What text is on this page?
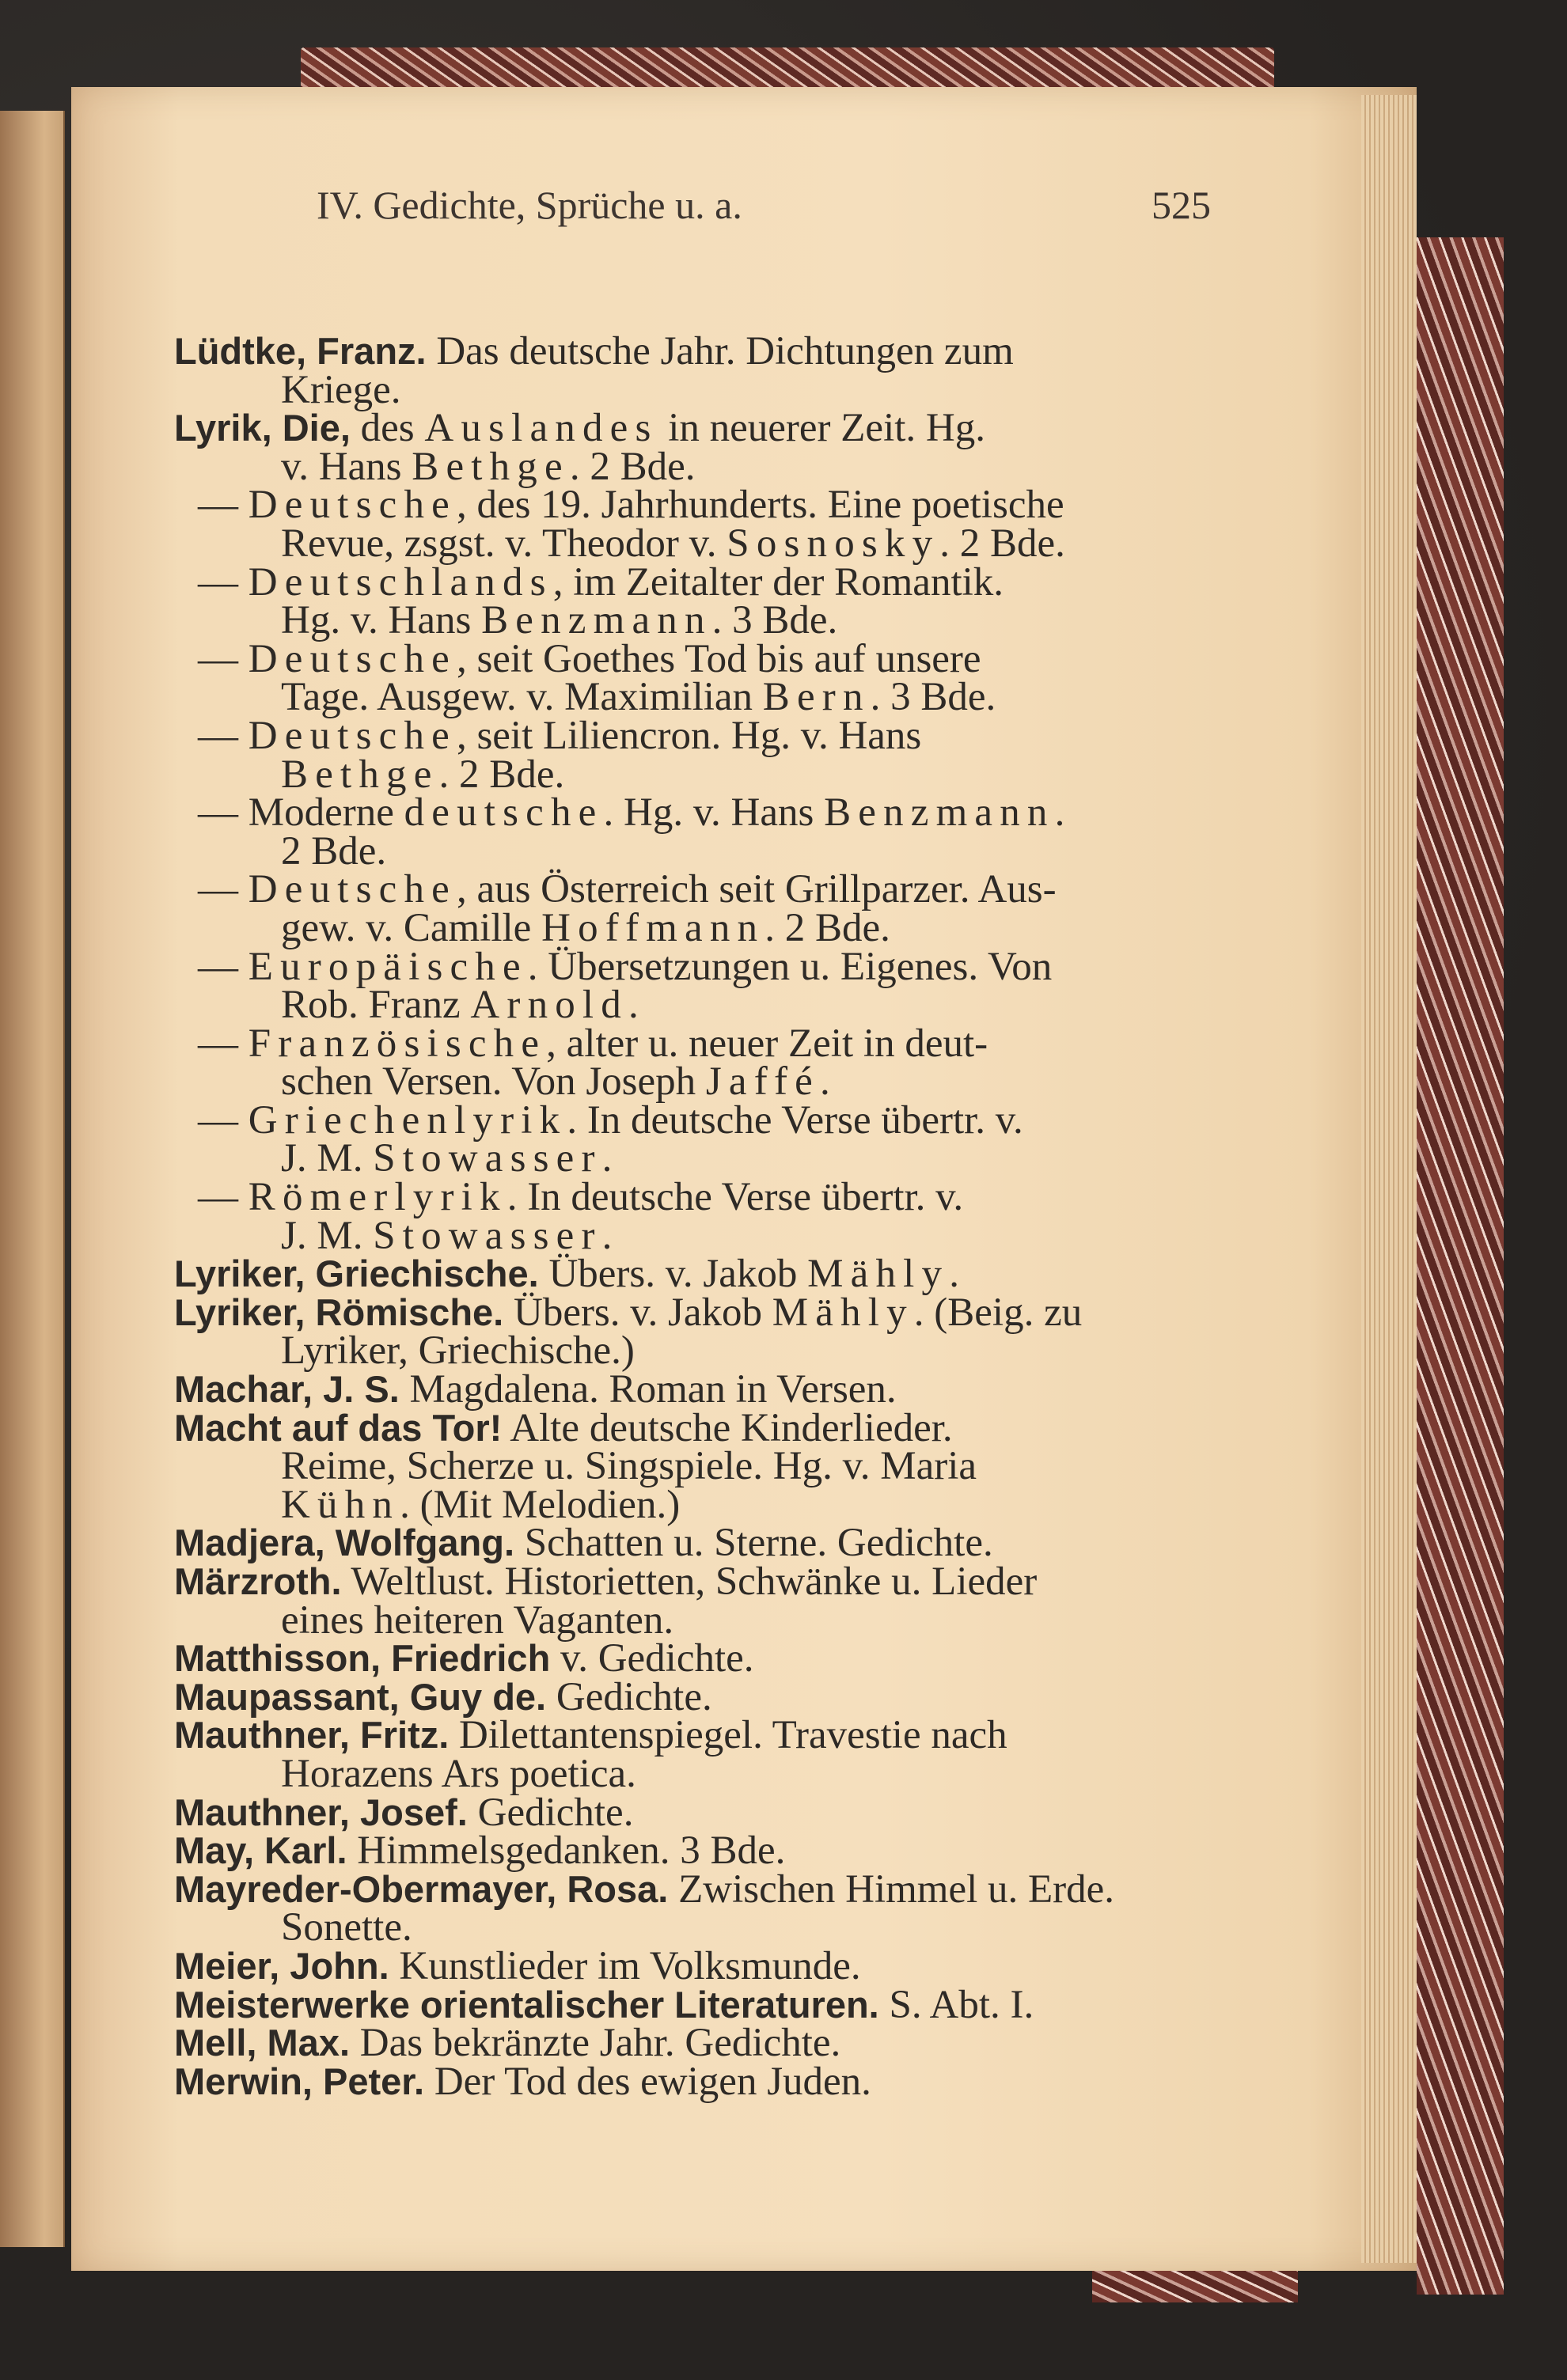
IV. Gedichte, Sprüche u. a.	525
Lüdtke, Franz. Das deutsche Jahr. Dichtungen zum
Kriege.
Lyrik, Die, des Auslandes in neuerer Zeit. Hg.
v. Hans Bethge. 2 Bde.
— Deutsche, des 19. Jahrhunderts. Eine poetische
Revue, zsgst. v. Theodor v. Sosnosky. 2 Bde.
— Deutschlands, im Zeitalter der Romantik.
Hg. v. Hans Benzmann. 3 Bde.
— Deutsche, seit Goethes Tod bis auf unsere
Tage. Ausgew. v. Maximilian Bern. 3 Bde.
— Deutsche, seit Liliencron. Hg. v. Hans
Bethge. 2 Bde.
— Moderne deutsche. Hg. v. Hans Benzmann.
2 Bde.
— Deutsche, aus Österreich seit Grillparzer. Aus-
gew. v. Camille Hoffmann. 2 Bde.
— Europäische. Übersetzungen u. Eigenes. Von
Rob. Franz Arnold.
— Französische, alter u. neuer Zeit in deut-
schen Versen. Von Joseph Jaffé.
— Griechenlyrik. In deutsche Verse übertr. v.
J. M. Stowasser.
— Römerlyrik. In deutsche Verse übertr. v.
J. M. Stowasser.
Lyriker, Griechische. Übers. v. Jakob Mähly.
Lyriker, Römische. Übers. v. Jakob Mähly. (Beig. zu
Lyriker, Griechische.)
Machar, J. S. Magdalena. Roman in Versen.
Macht auf das Tor! Alte deutsche Kinderlieder.
Reime, Scherze u. Singspiele. Hg. v. Maria
Kühn. (Mit Melodien.)
Madjera, Wolfgang. Schatten u. Sterne. Gedichte.
Märzroth. Weltlust. Historietten, Schwänke u. Lieder
eines heiteren Vaganten.
Matthisson, Friedrich v. Gedichte.
Maupassant, Guy de. Gedichte.
Mauthner, Fritz. Dilettantenspiegel. Travestie nach
Horazens Ars poetica.
Mauthner, Josef. Gedichte.
May, Karl. Himmelsgedanken. 3 Bde.
Mayreder-Obermayer, Rosa. Zwischen Himmel u. Erde.
Sonette.
Meier, John. Kunstlieder im Volksmunde.
Meisterwerke orientalischer Literaturen. S. Abt. I.
Mell, Max. Das bekränzte Jahr. Gedichte.
Merwin, Peter. Der Tod des ewigen Juden.
